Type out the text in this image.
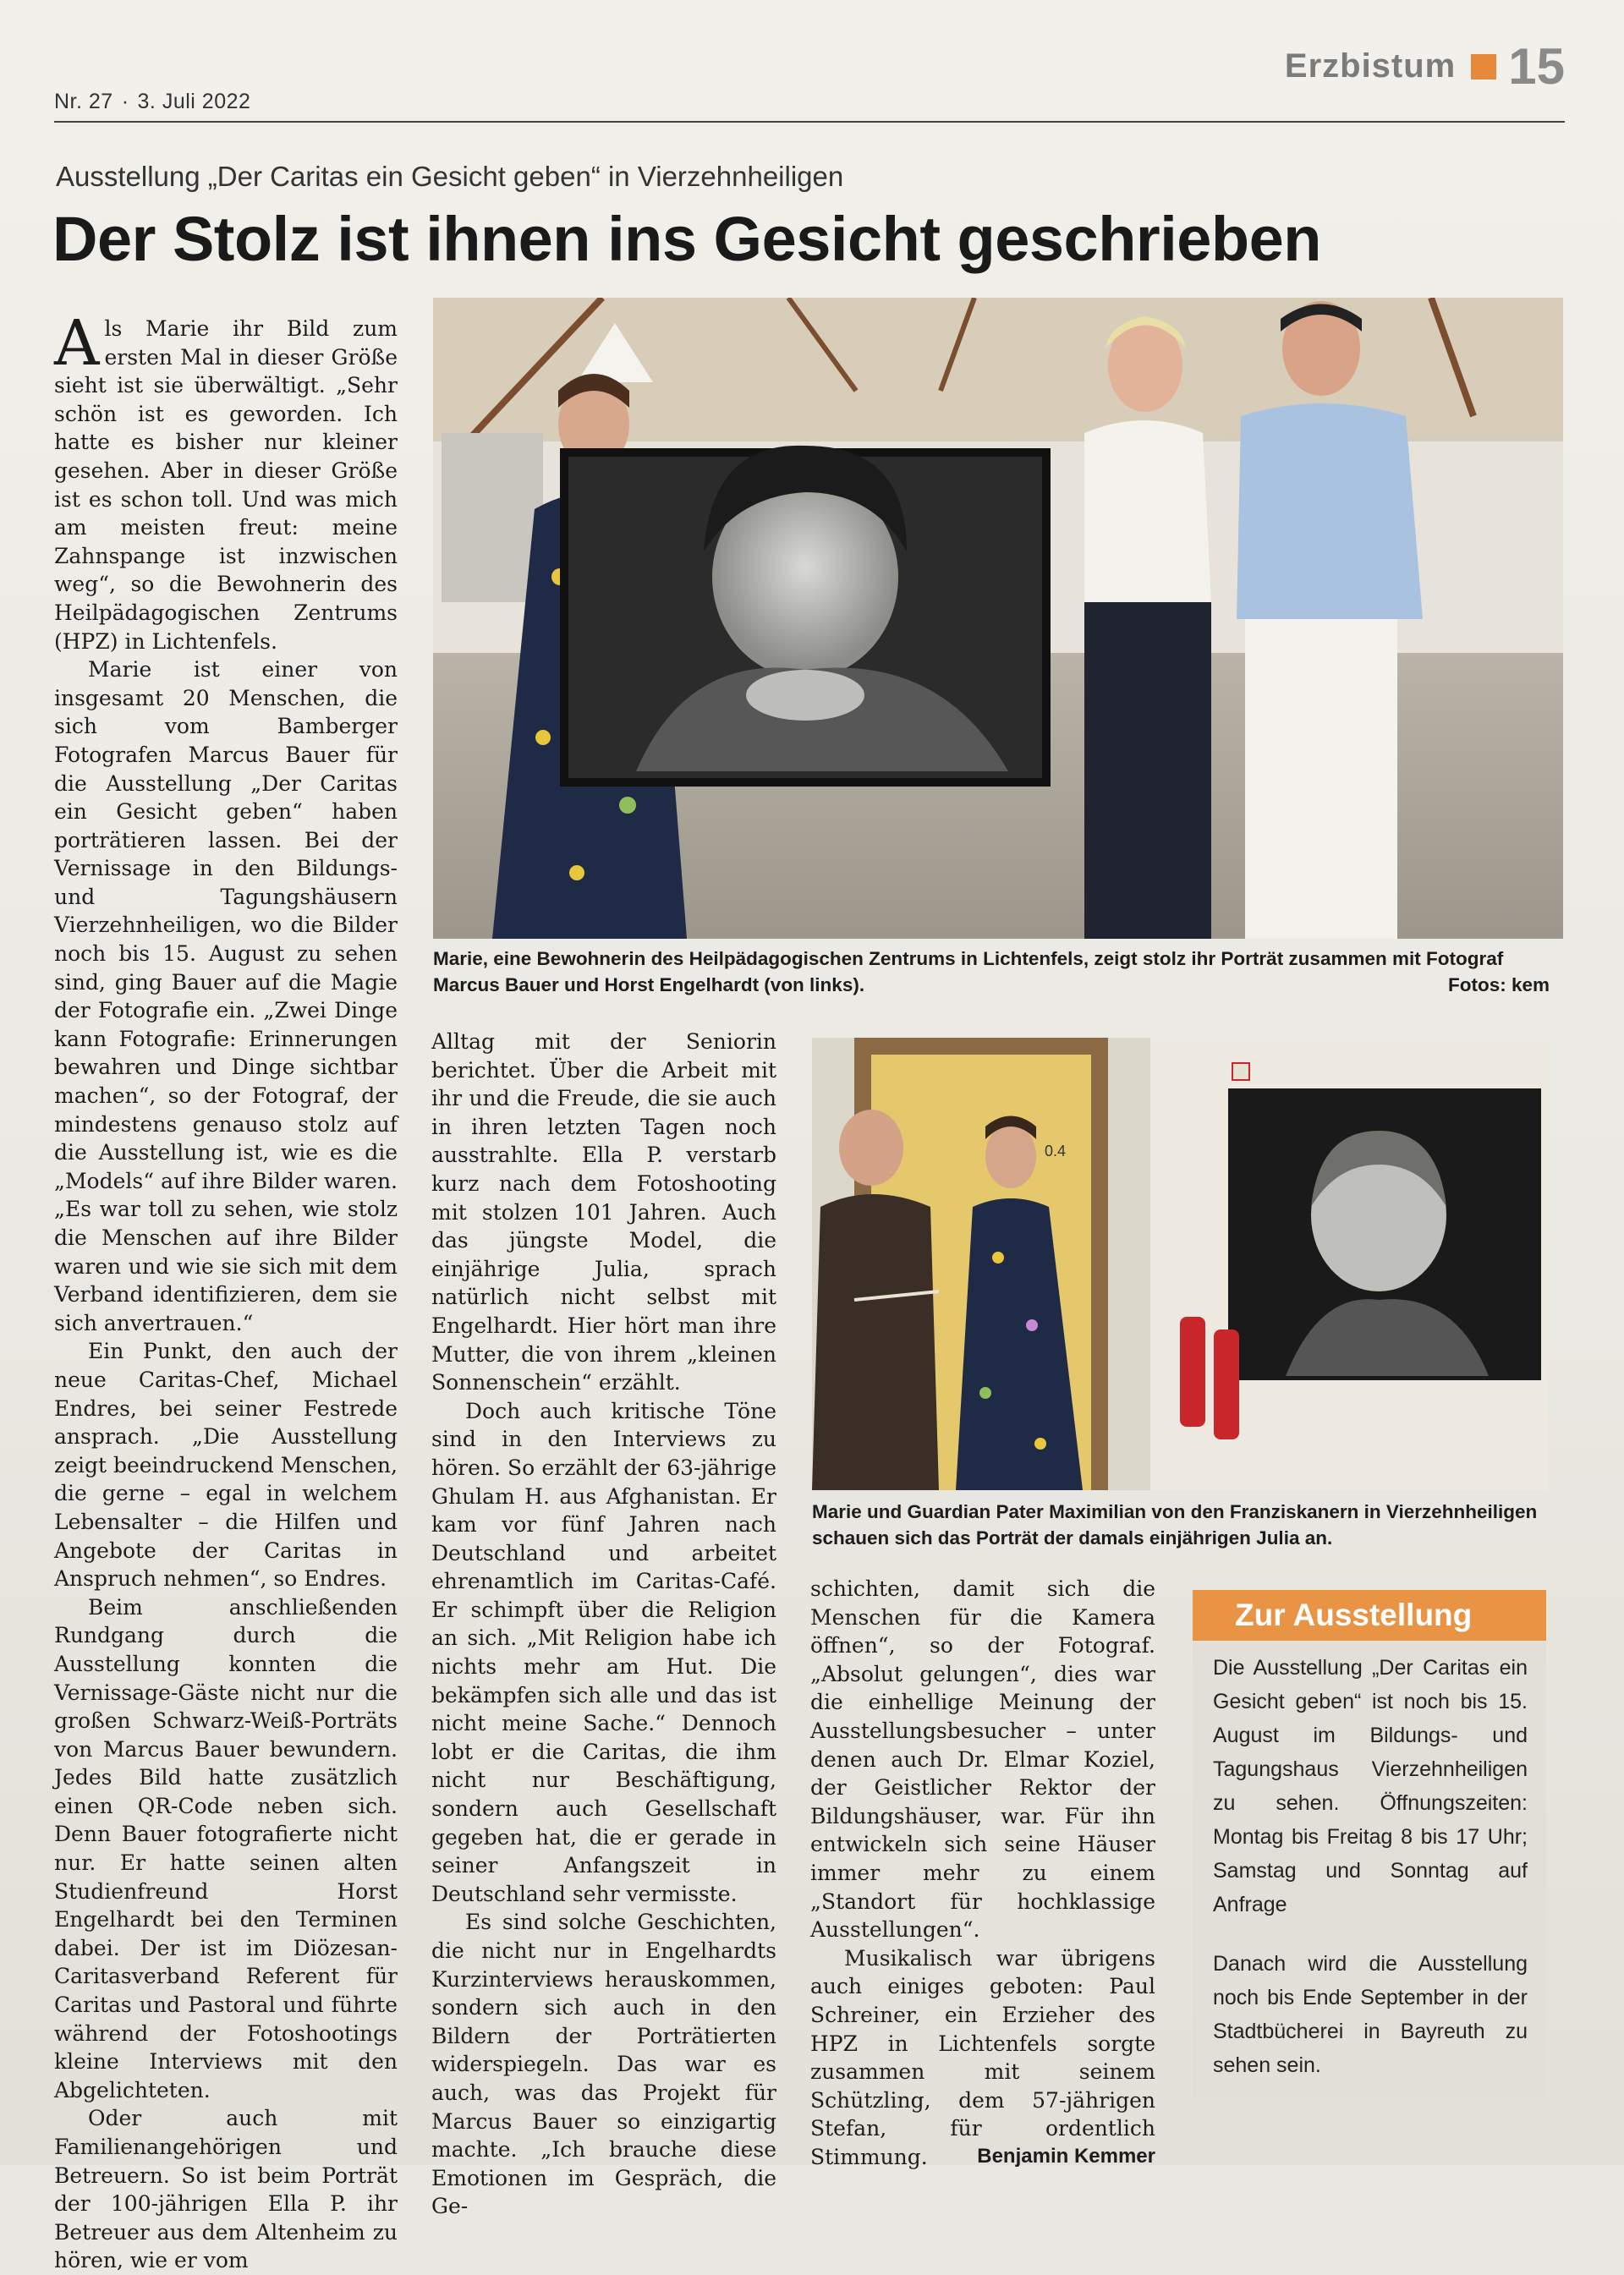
Nr. 27 · 3. Juli 2022
Erzbistum 15
Ausstellung „Der Caritas ein Gesicht geben“ in Vierzehnheiligen
Der Stolz ist ihnen ins Gesicht geschrieben

Als Marie ihr Bild zum ersten Mal in dieser Größe sieht ist sie überwältigt. „Sehr schön ist es geworden. Ich hatte es bisher nur kleiner gesehen. Aber in dieser Größe ist es schon toll. Und was mich am meisten freut: meine Zahnspange ist inzwischen weg“, so die Bewohnerin des Heilpädagogischen Zentrums (HPZ) in Lichtenfels.

Marie ist einer von insgesamt 20 Menschen, die sich vom Bamberger Fotografen Marcus Bauer für die Ausstellung „Der Caritas ein Gesicht geben“ haben porträtieren lassen. Bei der Vernissage in den Bildungs- und Tagungshäusern Vierzehnheiligen, wo die Bilder noch bis 15. August zu sehen sind, ging Bauer auf die Magie der Fotografie ein. „Zwei Dinge kann Fotografie: Erinnerungen bewahren und Dinge sichtbar machen“, so der Fotograf, der mindestens genauso stolz auf die Ausstellung ist, wie es die „Models“ auf ihre Bilder waren. „Es war toll zu sehen, wie stolz die Menschen auf ihre Bilder waren und wie sie sich mit dem Verband identifizieren, dem sie sich anvertrauen.“

Ein Punkt, den auch der neue Caritas-Chef, Michael Endres, bei seiner Festrede ansprach. „Die Ausstellung zeigt beeindruckend Menschen, die gerne – egal in welchem Lebensalter – die Hilfen und Angebote der Caritas in Anspruch nehmen“, so Endres.

Beim anschließenden Rundgang durch die Ausstellung konnten die Vernissage-Gäste nicht nur die großen Schwarz-Weiß-Porträts von Marcus Bauer bewundern. Jedes Bild hatte zusätzlich einen QR-Code neben sich. Denn Bauer fotografierte nicht nur. Er hatte seinen alten Studienfreund Horst Engelhardt bei den Terminen dabei. Der ist im Diözesan-Caritasverband Referent für Caritas und Pastoral und führte während der Fotoshootings kleine Interviews mit den Abgelichteten.

Oder auch mit Familienangehörigen und Betreuern. So ist beim Porträt der 100-jährigen Ella P. ihr Betreuer aus dem Altenheim zu hören, wie er vom

Alltag mit der Seniorin berichtet. Über die Arbeit mit ihr und die Freude, die sie auch in ihren letzten Tagen noch ausstrahlte. Ella P. verstarb kurz nach dem Fotoshooting mit stolzen 101 Jahren. Auch das jüngste Model, die einjährige Julia, sprach natürlich nicht selbst mit Engelhardt. Hier hört man ihre Mutter, die von ihrem „kleinen Sonnenschein“ erzählt.

Doch auch kritische Töne sind in den Interviews zu hören. So erzählt der 63-jährige Ghulam H. aus Afghanistan. Er kam vor fünf Jahren nach Deutschland und arbeitet ehrenamtlich im Caritas-Café. Er schimpft über die Religion an sich. „Mit Religion habe ich nichts mehr am Hut. Die bekämpfen sich alle und das ist nicht meine Sache.“ Dennoch lobt er die Caritas, die ihm nicht nur Beschäftigung, sondern auch Gesellschaft gegeben hat, die er gerade in seiner Anfangszeit in Deutschland sehr vermisste.

Es sind solche Geschichten, die nicht nur in Engelhardts Kurzinterviews herauskommen, sondern sich auch in den Bildern der Porträtierten widerspiegeln. Das war es auch, was das Projekt für Marcus Bauer so einzigartig machte. „Ich brauche diese Emotionen im Gespräch, die Ge-

schichten, damit sich die Menschen für die Kamera öffnen“, so der Fotograf. „Absolut gelungen“, dies war die einhellige Meinung der Ausstellungsbesucher – unter denen auch Dr. Elmar Koziel, der Geistlicher Rektor der Bildungshäuser, war. Für ihn entwickeln sich seine Häuser immer mehr zu einem „Standort für hochklassige Ausstellungen“.

Musikalisch war übrigens auch einiges geboten: Paul Schreiner, ein Erzieher des HPZ in Lichtenfels sorgte zusammen mit seinem Schützling, dem 57-jährigen Stefan, für ordentlich Stimmung.	Benjamin Kemmer
Marie, eine Bewohnerin des Heilpädagogischen Zentrums in Lichtenfels, zeigt stolz ihr Porträt zusammen mit Fotograf Marcus Bauer und Horst Engelhardt (von links).	Fotos: kem
0.4
Marie und Guardian Pater Maximilian von den Franziskanern in Vierzehnheiligen schauen sich das Porträt der damals einjährigen Julia an.
Zur Ausstellung

Die Ausstellung „Der Caritas ein Gesicht geben“ ist noch bis 15. August im Bildungs- und Tagungshaus Vierzehnheiligen zu sehen. Öffnungszeiten: Montag bis Freitag 8 bis 17 Uhr; Samstag und Sonntag auf Anfrage

Danach wird die Ausstellung noch bis Ende September in der Stadtbücherei in Bayreuth zu sehen sein.
